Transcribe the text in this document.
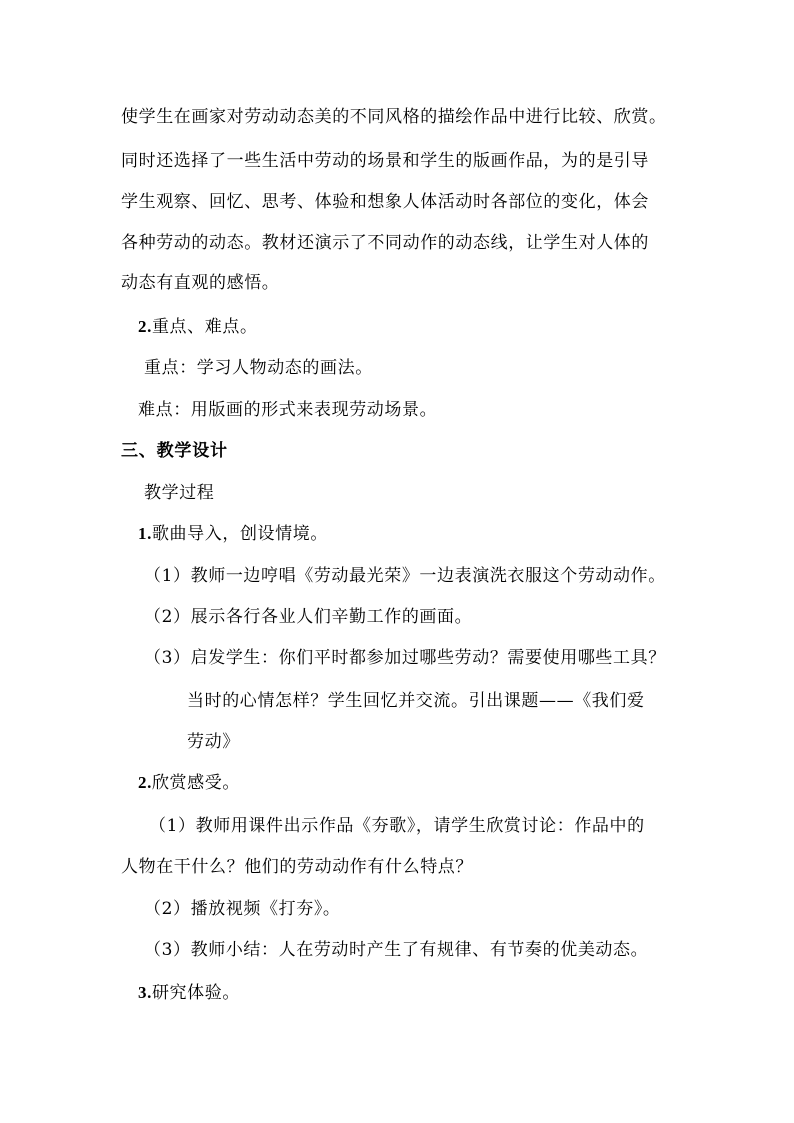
使学生在画家对劳动动态美的不同风格的描绘作品中进行比较、欣赏。
同时还选择了一些生活中劳动的场景和学生的版画作品，为的是引导
学生观察、回忆、思考、体验和想象人体活动时各部位的变化，体会
各种劳动的动态。教材还演示了不同动作的动态线，让学生对人体的
动态有直观的感悟。
2.重点、难点。
重点：学习人物动态的画法。
难点：用版画的形式来表现劳动场景。
三、教学设计
教学过程
1.歌曲导入，创设情境。
（1）教师一边哼唱《劳动最光荣》一边表演洗衣服这个劳动动作。
（2）展示各行各业人们辛勤工作的画面。
（3）启发学生：你们平时都参加过哪些劳动？需要使用哪些工具？
当时的心情怎样？学生回忆并交流。引出课题——《我们爱
劳动》
2.欣赏感受。
（1）教师用课件出示作品《夯歌》，请学生欣赏讨论：作品中的
人物在干什么？他们的劳动动作有什么特点？
（2）播放视频《打夯》。
（3）教师小结：人在劳动时产生了有规律、有节奏的优美动态。
3.研究体验。
